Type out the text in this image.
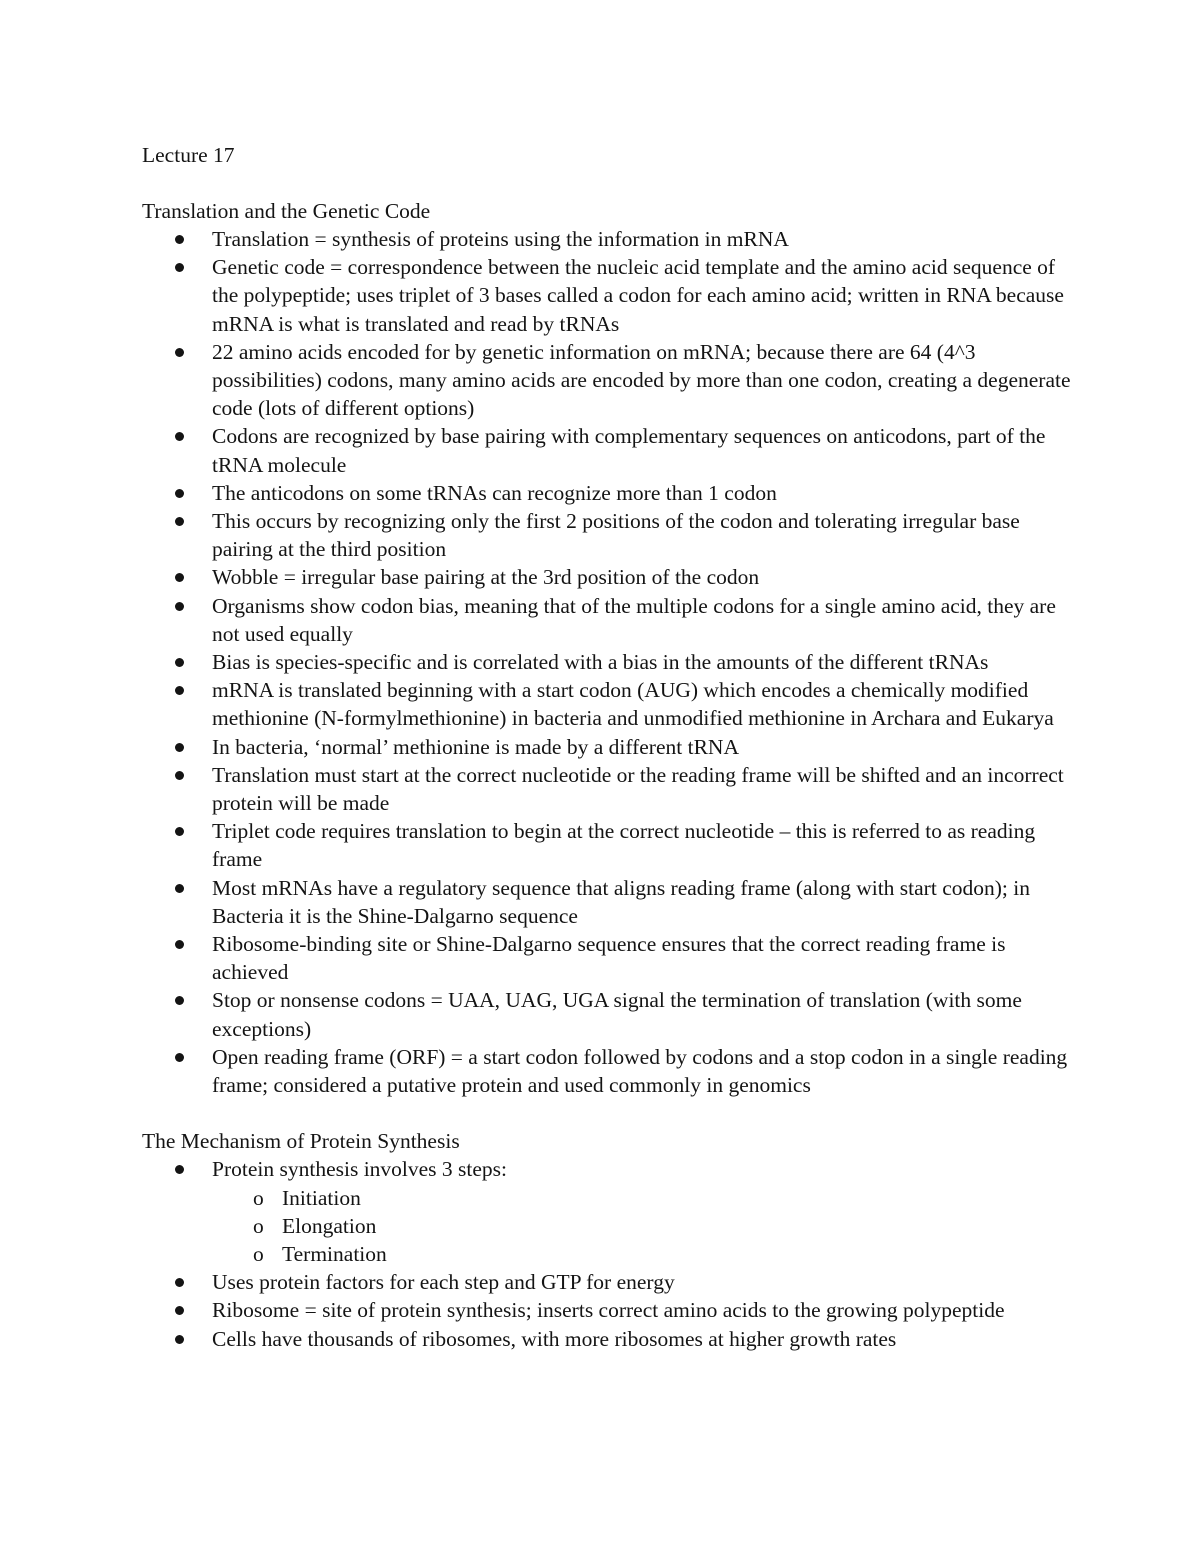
Lecture 17

Translation and the Genetic Code

Translation = synthesis of proteins using the information in mRNA
Genetic code = correspondence between the nucleic acid template and the amino acid sequence of the polypeptide; uses triplet of 3 bases called a codon for each amino acid; written in RNA because mRNA is what is translated and read by tRNAs
22 amino acids encoded for by genetic information on mRNA; because there are 64 (4^3 possibilities) codons, many amino acids are encoded by more than one codon, creating a degenerate code (lots of different options)
Codons are recognized by base pairing with complementary sequences on anticodons, part of the tRNA molecule
The anticodons on some tRNAs can recognize more than 1 codon
This occurs by recognizing only the first 2 positions of the codon and tolerating irregular base pairing at the third position
Wobble = irregular base pairing at the 3rd position of the codon
Organisms show codon bias, meaning that of the multiple codons for a single amino acid, they are not used equally
Bias is species-specific and is correlated with a bias in the amounts of the different tRNAs
mRNA is translated beginning with a start codon (AUG) which encodes a chemically modified methionine (N-formylmethionine) in bacteria and unmodified methionine in Archara and Eukarya
In bacteria, ‘normal’ methionine is made by a different tRNA
Translation must start at the correct nucleotide or the reading frame will be shifted and an incorrect protein will be made
Triplet code requires translation to begin at the correct nucleotide – this is referred to as reading frame
Most mRNAs have a regulatory sequence that aligns reading frame (along with start codon); in Bacteria it is the Shine-Dalgarno sequence
Ribosome-binding site or Shine-Dalgarno sequence ensures that the correct reading frame is achieved
Stop or nonsense codons = UAA, UAG, UGA signal the termination of translation (with some exceptions)
Open reading frame (ORF) = a start codon followed by codons and a stop codon in a single reading frame; considered a putative protein and used commonly in genomics

The Mechanism of Protein Synthesis

Protein synthesis involves 3 steps:
o Initiation
o Elongation
o Termination
Uses protein factors for each step and GTP for energy
Ribosome = site of protein synthesis; inserts correct amino acids to the growing polypeptide
Cells have thousands of ribosomes, with more ribosomes at higher growth rates
